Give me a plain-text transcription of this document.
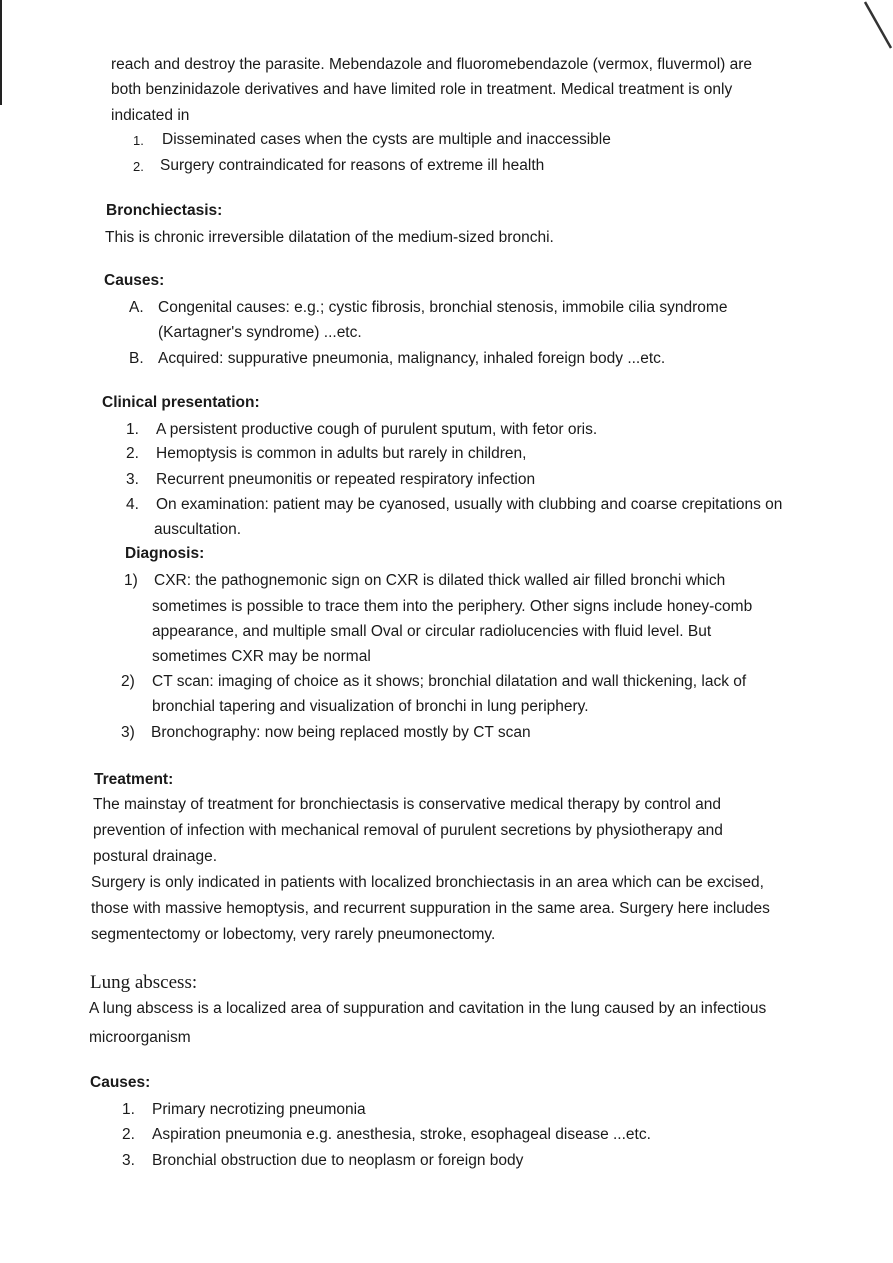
reach and destroy the parasite. Mebendazole and fluoromebendazole (vermox, fluvermol) are
both benzinidazole derivatives and have limited role in treatment. Medical treatment is only
indicated in
1. Disseminated cases when the cysts are multiple and inaccessible
2. Surgery contraindicated for reasons of extreme ill health
Bronchiectasis:
This is chronic irreversible dilatation of the medium-sized bronchi.
Causes:
A. Congenital causes: e.g.; cystic fibrosis, bronchial stenosis, immobile cilia syndrome
(Kartagner's syndrome) ...etc.
B. Acquired: suppurative pneumonia, malignancy, inhaled foreign body ...etc.
Clinical presentation:
1. A persistent productive cough of purulent sputum, with fetor oris.
2. Hemoptysis is common in adults but rarely in children,
3. Recurrent pneumonitis or repeated respiratory infection
4. On examination: patient may be cyanosed, usually with clubbing and coarse crepitations on
auscultation.
Diagnosis:
1) CXR: the pathognemonic sign on CXR is dilated thick walled air filled bronchi which
sometimes is possible to trace them into the periphery. Other signs include honey-comb
appearance, and multiple small Oval or circular radiolucencies with fluid level. But
sometimes CXR may be normal
2) CT scan: imaging of choice as it shows; bronchial dilatation and wall thickening, lack of
bronchial tapering and visualization of bronchi in lung periphery.
3) Bronchography: now being replaced mostly by CT scan
Treatment:
The mainstay of treatment for bronchiectasis is conservative medical therapy by control and
prevention of infection with mechanical removal of purulent secretions by physiotherapy and
postural drainage.
Surgery is only indicated in patients with localized bronchiectasis in an area which can be excised,
those with massive hemoptysis, and recurrent suppuration in the same area. Surgery here includes
segmentectomy or lobectomy, very rarely pneumonectomy.
Lung abscess:
A lung abscess is a localized area of suppuration and cavitation in the lung caused by an infectious
microorganism
Causes:
1. Primary necrotizing pneumonia
2. Aspiration pneumonia e.g. anesthesia, stroke, esophageal disease ...etc.
3. Bronchial obstruction due to neoplasm or foreign body
